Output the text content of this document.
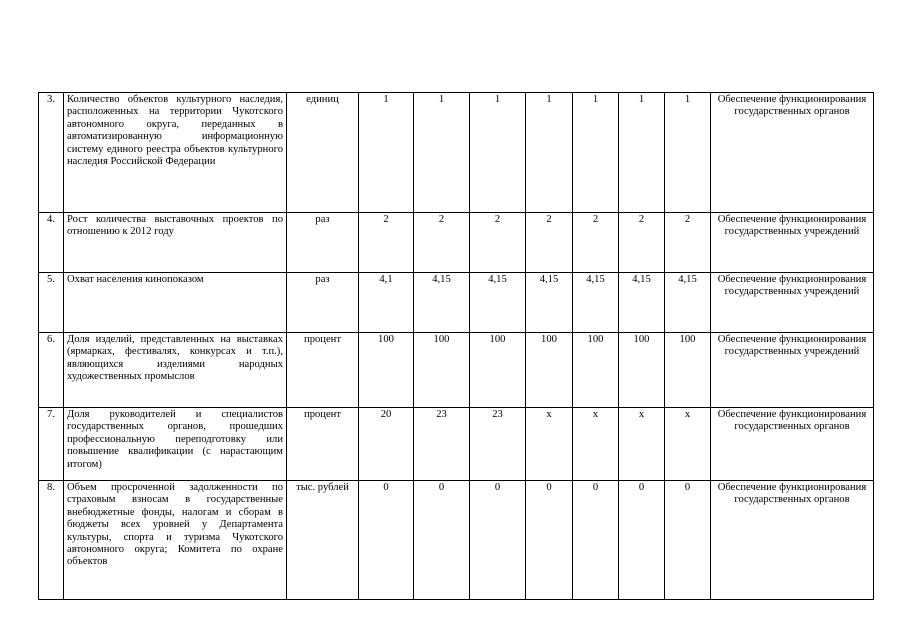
3.	Количество объектов культурного наследия, расположенных на территории Чукотского автономного округа, переданных в автоматизированную информационную систему единого реестра объектов культурного наследия Российской Федерации	единиц	1	1	1	1	1	1	1	Обеспечение функционирования государственных органов
4.	Рост количества выставочных проектов по отношению к 2012 году	раз	2	2	2	2	2	2	2	Обеспечение функционирования государственных учреждений
5.	Охват населения кинопоказом	раз	4,1	4,15	4,15	4,15	4,15	4,15	4,15	Обеспечение функционирования государственных учреждений
6.	Доля изделий, представленных на выставках (ярмарках, фестивалях, конкурсах и т.п.), являющихся изделиями народных художественных промыслов	процент	100	100	100	100	100	100	100	Обеспечение функционирования государственных учреждений
7.	Доля руководителей и специалистов государственных органов, прошедших профессиональную переподготовку или повышение квалификации (с нарастающим итогом)	процент	20	23	23	x	x	x	x	Обеспечение функционирования государственных органов
8.	Объем просроченной задолженности по страховым взносам в государственные внебюджетные фонды, налогам и сборам в бюджеты всех уровней у Департамента культуры, спорта и туризма Чукотского автономного округа; Комитета по охране объектов	тыс. рублей	0	0	0	0	0	0	0	Обеспечение функционирования государственных органов
